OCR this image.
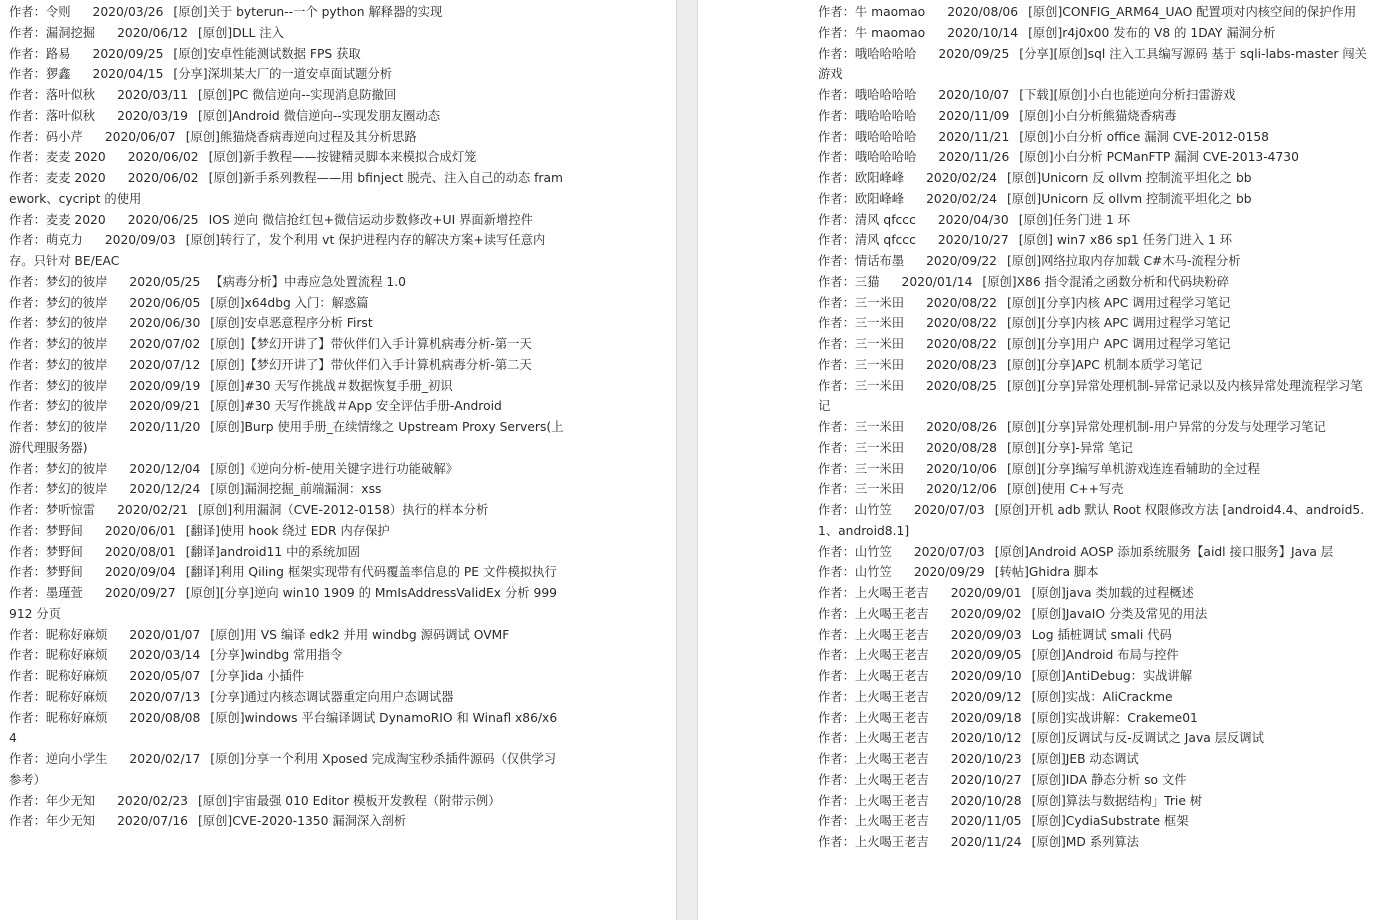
作者：令则 2020/03/26 [原创]关于 byterun--一个 python 解释器的实现
作者：漏洞挖掘 2020/06/12 [原创]DLL 注入
作者：路易 2020/09/25 [原创]安卓性能测试数据 FPS 获取
作者：猡鑫 2020/04/15 [分享]深圳某大厂的一道安卓面试题分析
作者：落叶似秋 2020/03/11 [原创]PC 微信逆向--实现消息防撤回
作者：落叶似秋 2020/03/19 [原创]Android 微信逆向--实现发朋友圈动态
作者：码小芹 2020/06/07 [原创]熊猫烧香病毒逆向过程及其分析思路
作者：麦麦 2020 2020/06/02 [原创]新手教程——按键精灵脚本来模拟合成灯笼
作者：麦麦 2020 2020/06/02 [原创]新手系列教程——用 bfinject 脱壳、注入自己的动态 framework、cycript 的使用
作者：麦麦 2020 2020/06/25 IOS 逆向 微信抢红包+微信运动步数修改+UI 界面新增控件
作者：萌克力 2020/09/03 [原创]转行了，发个利用 vt 保护进程内存的解决方案+读写任意内存。只针对 BE/EAC
作者：梦幻的彼岸 2020/05/25 【病毒分析】中毒应急处置流程 1.0
作者：梦幻的彼岸 2020/06/05 [原创]x64dbg 入门：解惑篇
作者：梦幻的彼岸 2020/06/30 [原创]安卓恶意程序分析 First
作者：梦幻的彼岸 2020/07/02 [原创]【梦幻开讲了】带伙伴们入手计算机病毒分析-第一天
作者：梦幻的彼岸 2020/07/12 [原创]【梦幻开讲了】带伙伴们入手计算机病毒分析-第二天
作者：梦幻的彼岸 2020/09/19 [原创]#30 天写作挑战＃数据恢复手册_初识
作者：梦幻的彼岸 2020/09/21 [原创]#30 天写作挑战＃App 安全评估手册-Android
作者：梦幻的彼岸 2020/11/20 [原创]Burp 使用手册_在续情缘之 Upstream Proxy Servers(上游代理服务器)
作者：梦幻的彼岸 2020/12/04 [原创]《逆向分析-使用关键字进行功能破解》
作者：梦幻的彼岸 2020/12/24 [原创]漏洞挖掘_前端漏洞：xss
作者：梦听惊雷 2020/02/21 [原创]利用漏洞（CVE-2012-0158）执行的样本分析
作者：梦野间 2020/06/01 [翻译]使用 hook 绕过 EDR 内存保护
作者：梦野间 2020/08/01 [翻译]android11 中的系统加固
作者：梦野间 2020/09/04 [翻译]利用 Qiling 框架实现带有代码覆盖率信息的 PE 文件模拟执行
作者：墨瑾萱 2020/09/27 [原创][分享]逆向 win10 1909 的 MmIsAddressValidEx 分析 999912 分页
作者：昵称好麻烦 2020/01/07 [原创]用 VS 编译 edk2 并用 windbg 源码调试 OVMF
作者：昵称好麻烦 2020/03/14 [分享]windbg 常用指令
作者：昵称好麻烦 2020/05/07 [分享]ida 小插件
作者：昵称好麻烦 2020/07/13 [分享]通过内核态调试器重定向用户态调试器
作者：昵称好麻烦 2020/08/08 [原创]windows 平台编译调试 DynamoRIO 和 Winafl x86/x64
作者：逆向小学生 2020/02/17 [原创]分享一个利用 Xposed 完成淘宝秒杀插件源码（仅供学习参考）
作者：年少无知 2020/02/23 [原创]宇宙最强 010 Editor 模板开发教程（附带示例）
作者：年少无知 2020/07/16 [原创]CVE-2020-1350 漏洞深入剖析
作者：牛 maomao 2020/08/06 [原创]CONFIG_ARM64_UAO 配置项对内核空间的保护作用
作者：牛 maomao 2020/10/14 [原创]r4j0x00 发布的 V8 的 1DAY 漏洞分析
作者：哦哈哈哈哈 2020/09/25 [分享][原创]sql 注入工具编写源码 基于 sqli-labs-master 闯关游戏
作者：哦哈哈哈哈 2020/10/07 [下载][原创]小白也能逆向分析扫雷游戏
作者：哦哈哈哈哈 2020/11/09 [原创]小白分析熊猫烧香病毒
作者：哦哈哈哈哈 2020/11/21 [原创]小白分析 office 漏洞 CVE-2012-0158
作者：哦哈哈哈哈 2020/11/26 [原创]小白分析 PCManFTP 漏洞 CVE-2013-4730
作者：欧阳峰峰 2020/02/24 [原创]Unicorn 反 ollvm 控制流平坦化之 bb
作者：欧阳峰峰 2020/02/24 [原创]Unicorn 反 ollvm 控制流平坦化之 bb
作者：清风 qfccc 2020/04/30 [原创]任务门进 1 环
作者：清风 qfccc 2020/10/27 [原创] win7 x86 sp1 任务门进入 1 环
作者：情话布墨 2020/09/22 [原创]网络拉取内存加载 C#木马-流程分析
作者：三猫 2020/01/14 [原创]X86 指令混淆之函数分析和代码块粉碎
作者：三一米田 2020/08/22 [原创][分享]内核 APC 调用过程学习笔记
作者：三一米田 2020/08/22 [原创][分享]内核 APC 调用过程学习笔记
作者：三一米田 2020/08/22 [原创][分享]用户 APC 调用过程学习笔记
作者：三一米田 2020/08/23 [原创][分享]APC 机制本质学习笔记
作者：三一米田 2020/08/25 [原创][分享]异常处理机制-异常记录以及内核异常处理流程学习笔记
作者：三一米田 2020/08/26 [原创][分享]异常处理机制-用户异常的分发与处理学习笔记
作者：三一米田 2020/08/28 [原创][分享]-异常 笔记
作者：三一米田 2020/10/06 [原创][分享]编写单机游戏连连看辅助的全过程
作者：三一米田 2020/12/06 [原创]使用 C++写壳
作者：山竹笠 2020/07/03 [原创]开机 adb 默认 Root 权限修改方法 [android4.4、android5.1、android8.1]
作者：山竹笠 2020/07/03 [原创]Android AOSP 添加系统服务【aidl 接口服务】Java 层
作者：山竹笠 2020/09/29 [转帖]Ghidra 脚本
作者：上火喝王老吉 2020/09/01 [原创]java 类加载的过程概述
作者：上火喝王老吉 2020/09/02 [原创]JavaIO 分类及常见的用法
作者：上火喝王老吉 2020/09/03 Log 插桩调试 smali 代码
作者：上火喝王老吉 2020/09/05 [原创]Android 布局与控件
作者：上火喝王老吉 2020/09/10 [原创]AntiDebug：实战讲解
作者：上火喝王老吉 2020/09/12 [原创]实战：AliCrackme
作者：上火喝王老吉 2020/09/18 [原创]实战讲解：Crakeme01
作者：上火喝王老吉 2020/10/12 [原创]反调试与反-反调试之 Java 层反调试
作者：上火喝王老吉 2020/10/23 [原创]JEB 动态调试
作者：上火喝王老吉 2020/10/27 [原创]IDA 静态分析 so 文件
作者：上火喝王老吉 2020/10/28 [原创]算法与数据结构」Trie 树
作者：上火喝王老吉 2020/11/05 [原创]CydiaSubstrate 框架
作者：上火喝王老吉 2020/11/24 [原创]MD 系列算法
